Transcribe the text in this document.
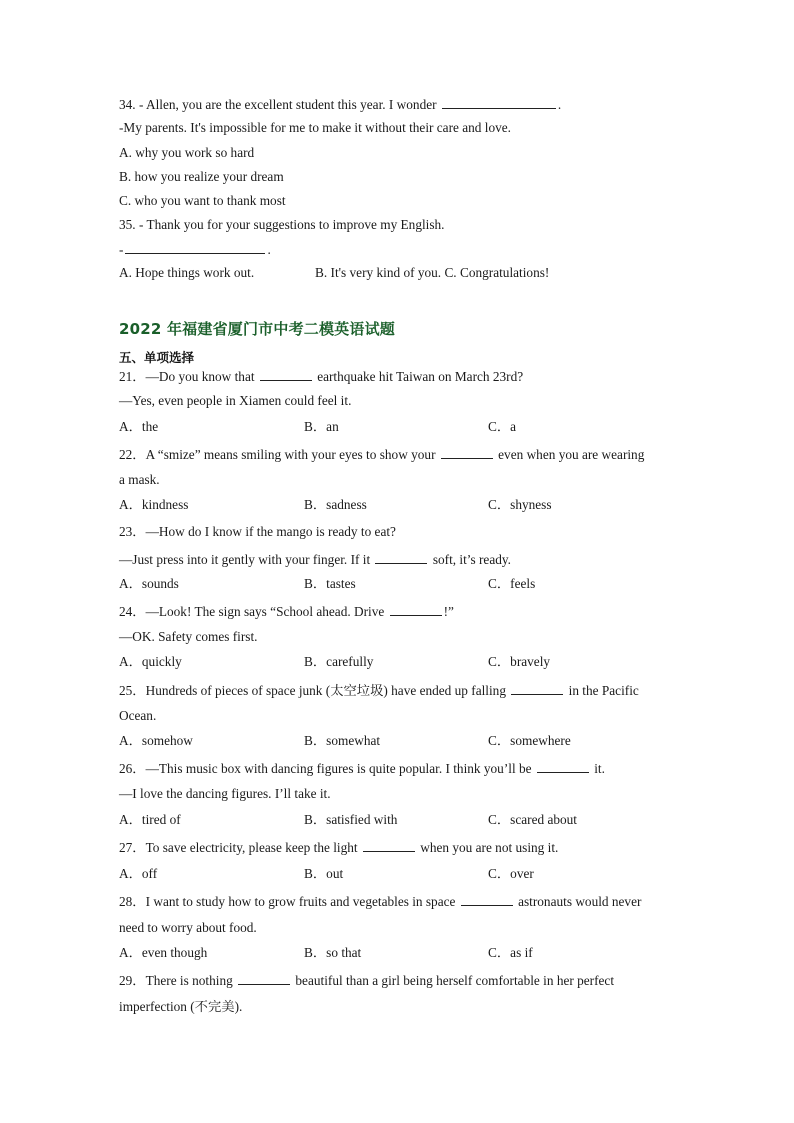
34. - Allen, you are the excellent student this year. I wonder	.
-My parents. It's impossible for me to make it without their care and love.
A. why you work so hard
B. how you realize your dream
C. who you want to thank most
35. - Thank you for your suggestions to improve my English.
-	.
A. Hope things work out.	B. It's very kind of you. C. Congratulations!
2022 年福建省厦门市中考二模英语试题
五、单项选择
21．—Do you know that	earthquake hit Taiwan on March 23rd?
—Yes, even people in Xiamen could feel it.
A．the	B．an	C．a
22．A “smize” means smiling with your eyes to show your	even when you are wearing
a mask.
A．kindness	B．sadness	C．shyness
23．—How do I know if the mango is ready to eat?
—Just press into it gently with your finger. If it	soft, it’s ready.
A．sounds	B．tastes	C．feels
24．—Look! The sign says “School ahead. Drive	!”
—OK. Safety comes first.
A．quickly	B．carefully	C．bravely
25．Hundreds of pieces of space junk (太空垃圾) have ended up falling	in the Pacific
Ocean.
A．somehow	B．somewhat	C．somewhere
26．—This music box with dancing figures is quite popular. I think you’ll be	it.
—I love the dancing figures. I’ll take it.
A．tired of	B．satisfied with	C．scared about
27．To save electricity, please keep the light	when you are not using it.
A．off	B．out	C．over
28．I want to study how to grow fruits and vegetables in space	astronauts would never
need to worry about food.
A．even though	B．so that	C．as if
29．There is nothing	beautiful than a girl being herself comfortable in her perfect
imperfection (不完美).
